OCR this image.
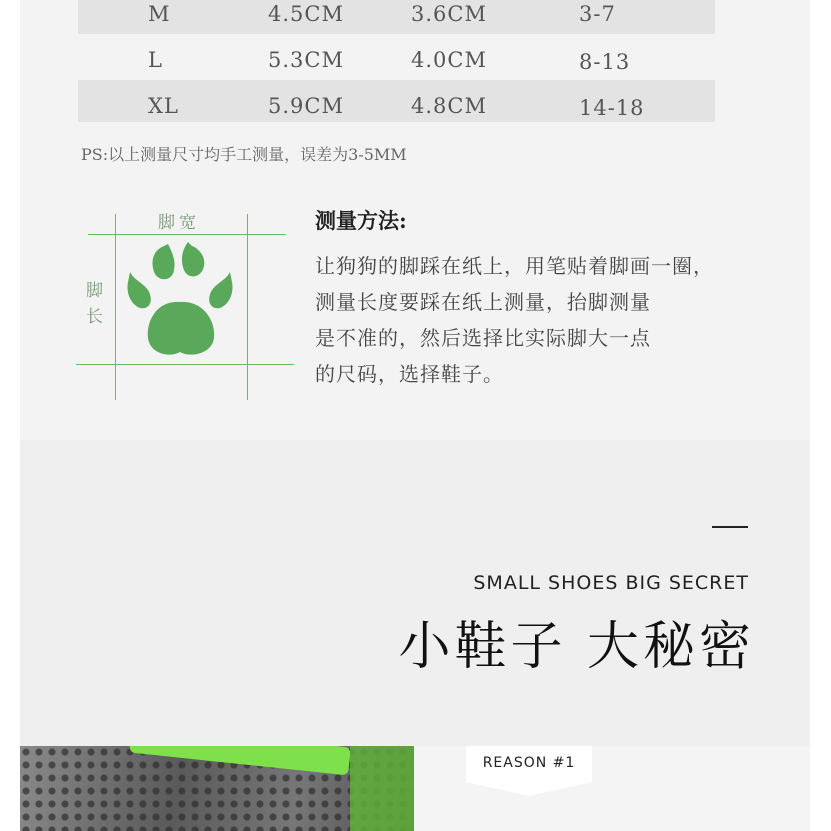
M	4.5CM	3.6CM	3-7
L	5.3CM	4.0CM	8-13
XL	5.9CM	4.8CM	14-18
PS:以上测量尺寸均手工测量，误差为3-5MM
脚宽
脚
长
测量方法:
让狗狗的脚踩在纸上，用笔贴着脚画一圈，
测量长度要踩在纸上测量，抬脚测量
是不准的，然后选择比实际脚大一点
的尺码，选择鞋子。
SMALL SHOES BIG SECRET
小鞋子 大秘密
REASON #1
